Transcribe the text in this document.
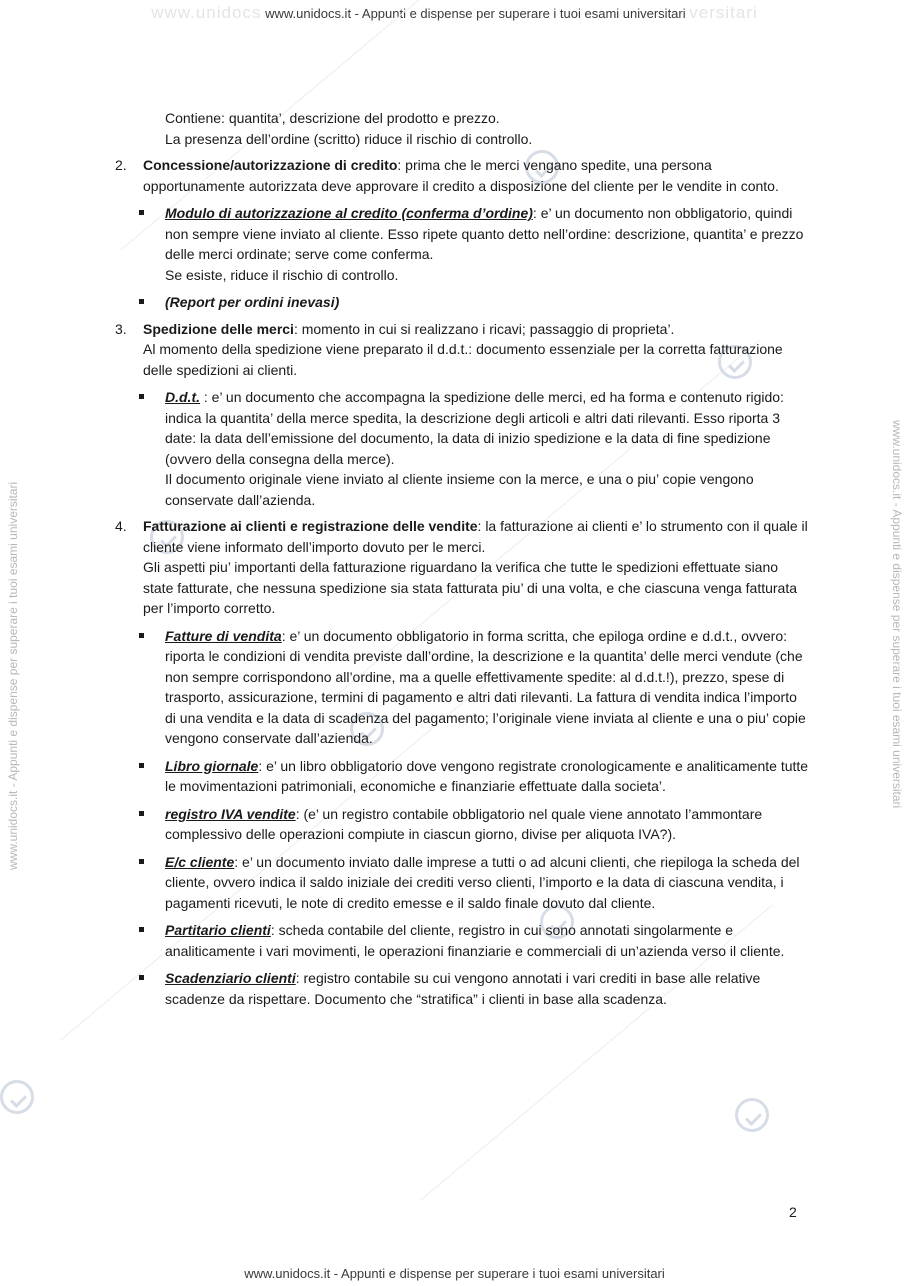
www.unidocs www.unidocs.it - Appunti e dispense per superare i tuoi esami universitari versitari
www.unidocs.it - Appunti e dispense per superare i tuoi esami universitari
www.unidocs.it - Appunti e dispense per superare i tuoi esami universitari	www.unidocs.it - Appunti e dispense per superare i tuoi esami universitari

Contiene: quantita’, descrizione del prodotto e prezzo.

La presenza dell’ordine (scritto) riduce il rischio di controllo.

2. Concessione/autorizzazione di credito: prima che le merci vengano spedite, una persona opportunamente autorizzata deve approvare il credito a disposizione del cliente per le vendite in conto.
Modulo di autorizzazione al credito (conferma d’ordine): e’ un documento non obbligatorio, quindi non sempre viene inviato al cliente. Esso ripete quanto detto nell’ordine: descrizione, quantita’ e prezzo delle merci ordinate; serve come conferma.
Se esiste, riduce il rischio di controllo.
(Report per ordini inevasi)
3. Spedizione delle merci: momento in cui si realizzano i ricavi; passaggio di proprieta’.
Al momento della spedizione viene preparato il d.d.t.: documento essenziale per la corretta fatturazione delle spedizioni ai clienti.
D.d.t. : e’ un documento che accompagna la spedizione delle merci, ed ha forma e contenuto rigido: indica la quantita’ della merce spedita, la descrizione degli articoli e altri dati rilevanti. Esso riporta 3 date: la data dell’emissione del documento, la data di inizio spedizione e la data di fine spedizione (ovvero della consegna della merce).
Il documento originale viene inviato al cliente insieme con la merce, e una o piu’ copie vengono conservate dall’azienda.
4. Fatturazione ai clienti e registrazione delle vendite: la fatturazione ai clienti e’ lo strumento con il quale il cliente viene informato dell’importo dovuto per le merci.
Gli aspetti piu’ importanti della fatturazione riguardano la verifica che tutte le spedizioni effettuate siano state fatturate, che nessuna spedizione sia stata fatturata piu’ di una volta, e che ciascuna venga fatturata per l’importo corretto.
Fatture di vendita: e’ un documento obbligatorio in forma scritta, che epiloga ordine e d.d.t., ovvero: riporta le condizioni di vendita previste dall’ordine, la descrizione e la quantita’ delle merci vendute (che non sempre corrispondono all’ordine, ma a quelle effettivamente spedite: al d.d.t.!), prezzo, spese di trasporto, assicurazione, termini di pagamento e altri dati rilevanti. La fattura di vendita indica l’importo di una vendita e la data di scadenza del pagamento; l’originale viene inviata al cliente e una o piu’ copie vengono conservate dall’azienda.
Libro giornale: e’ un libro obbligatorio dove vengono registrate cronologicamente e analiticamente tutte le movimentazioni patrimoniali, economiche e finanziarie effettuate dalla societa’.
registro IVA vendite: (e’ un registro contabile obbligatorio nel quale viene annotato l’ammontare complessivo delle operazioni compiute in ciascun giorno, divise per aliquota IVA?).
E/c cliente: e’ un documento inviato dalle imprese a tutti o ad alcuni clienti, che riepiloga la scheda del cliente, ovvero indica il saldo iniziale dei crediti verso clienti, l’importo e la data di ciascuna vendita, i pagamenti ricevuti, le note di credito emesse e il saldo finale dovuto dal cliente.
Partitario clienti: scheda contabile del cliente, registro in cui sono annotati singolarmente e analiticamente i vari movimenti, le operazioni finanziarie e commerciali di un’azienda verso il cliente.
Scadenziario clienti: registro contabile su cui vengono annotati i vari crediti in base alle relative scadenze da rispettare. Documento che “stratifica” i clienti in base alla scadenza.
2
